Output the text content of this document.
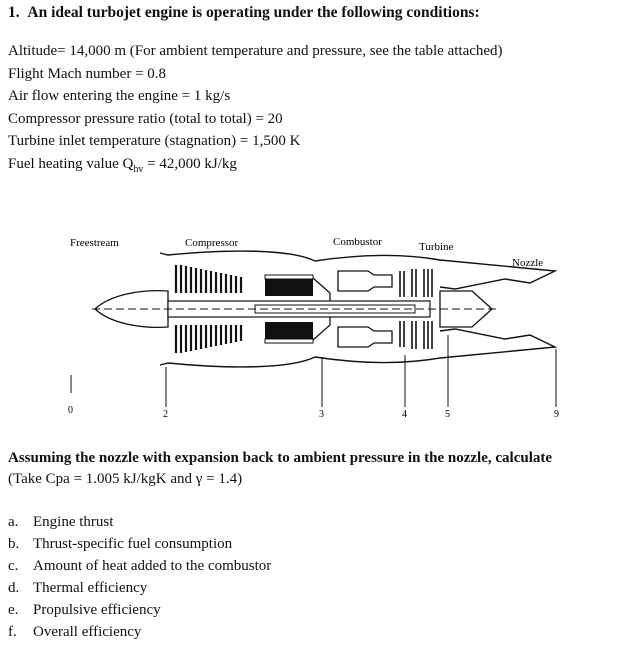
1.  An ideal turbojet engine is operating under the following conditions:
Altitude= 14,000 m (For ambient temperature and pressure, see the table attached)
Flight Mach number = 0.8
Air flow entering the engine = 1 kg/s
Compressor pressure ratio (total to total) = 20
Turbine inlet temperature (stagnation) = 1,500 K
Fuel heating value $Q_{hv} = 42,000$ kJ/kg
Freestream	Compressor	Combustor	Turbine
Nozzle
0	2	3	4	5	9
Assuming the nozzle with expansion back to ambient pressure in the nozzle, calculate
(Take Cpa = 1.005 kJ/kgK and γ = 1.4)
a. Engine thrust
b. Thrust-specific fuel consumption
c. Amount of heat added to the combustor
d. Thermal efficiency
e. Propulsive efficiency
f.	Overall efficiency
